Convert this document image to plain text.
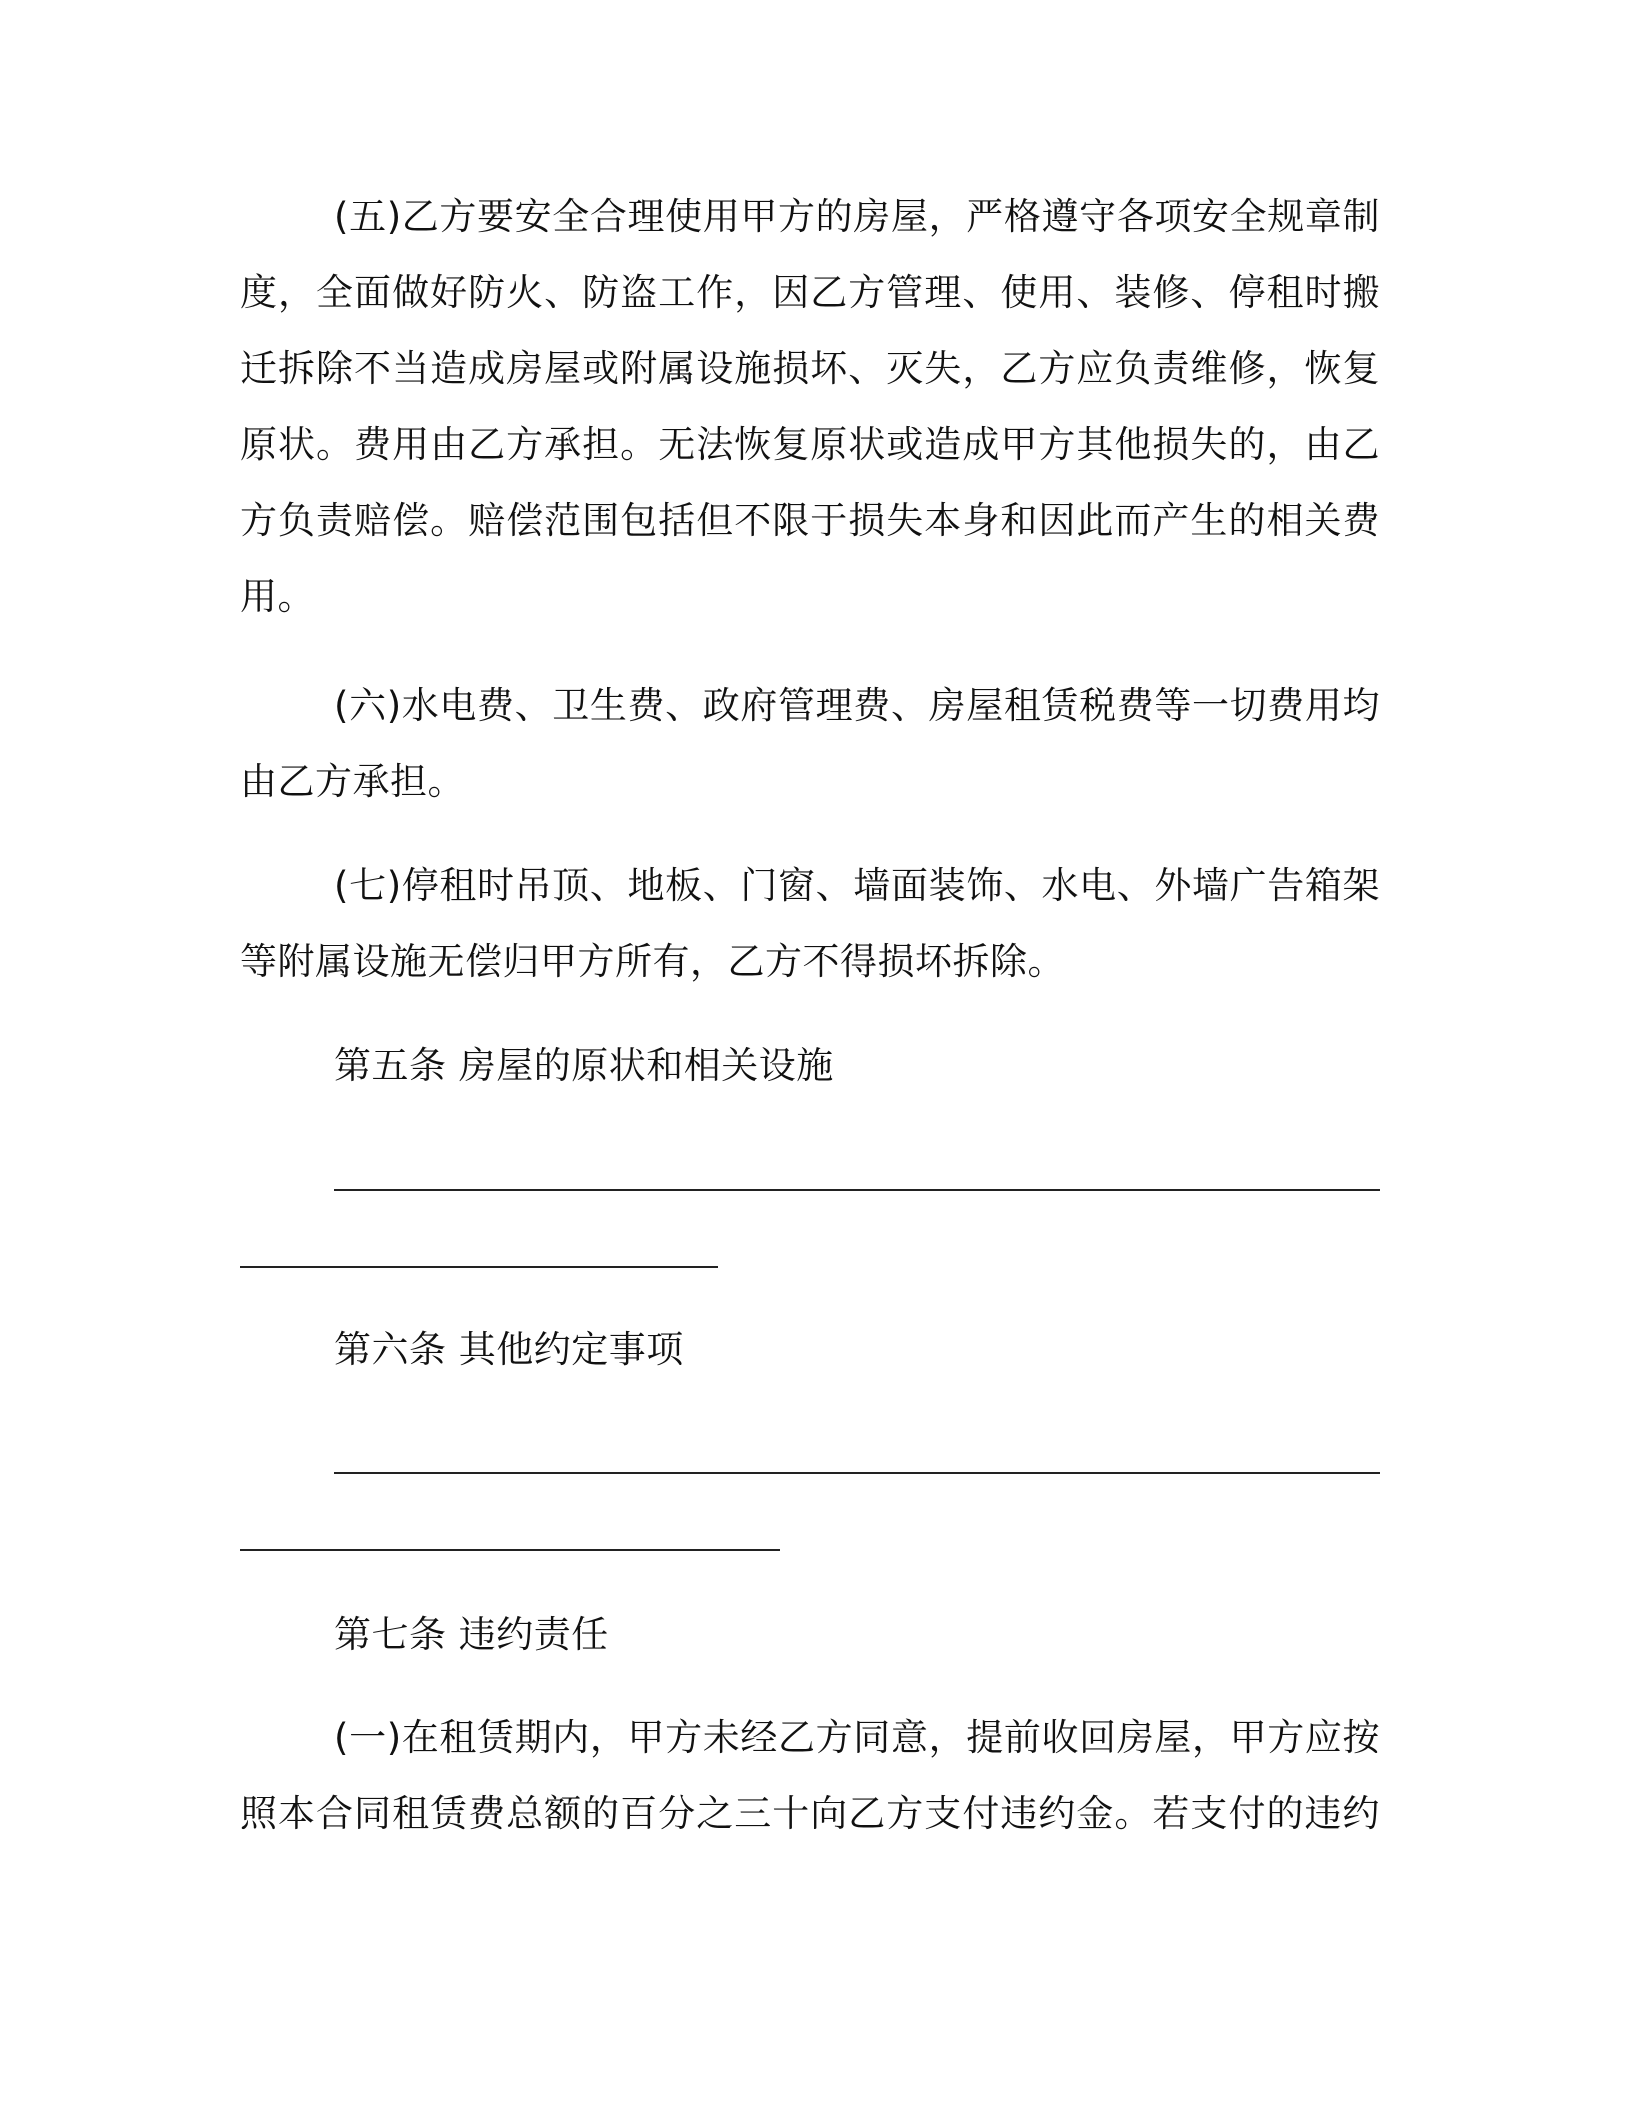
(五)乙方要安全合理使用甲方的房屋，严格遵守各项安全规章制
度，全面做好防火、防盗工作，因乙方管理、使用、装修、停租时搬
迁拆除不当造成房屋或附属设施损坏、灭失，乙方应负责维修，恢复
原状。费用由乙方承担。无法恢复原状或造成甲方其他损失的，由乙
方负责赔偿。赔偿范围包括但不限于损失本身和因此而产生的相关费
用。
(六)水电费、卫生费、政府管理费、房屋租赁税费等一切费用均
由乙方承担。
(七)停租时吊顶、地板、门窗、墙面装饰、水电、外墙广告箱架
等附属设施无偿归甲方所有，乙方不得损坏拆除。
第五条 房屋的原状和相关设施
第六条 其他约定事项
第七条 违约责任
(一)在租赁期内，甲方未经乙方同意，提前收回房屋，甲方应按
照本合同租赁费总额的百分之三十向乙方支付违约金。若支付的违约
